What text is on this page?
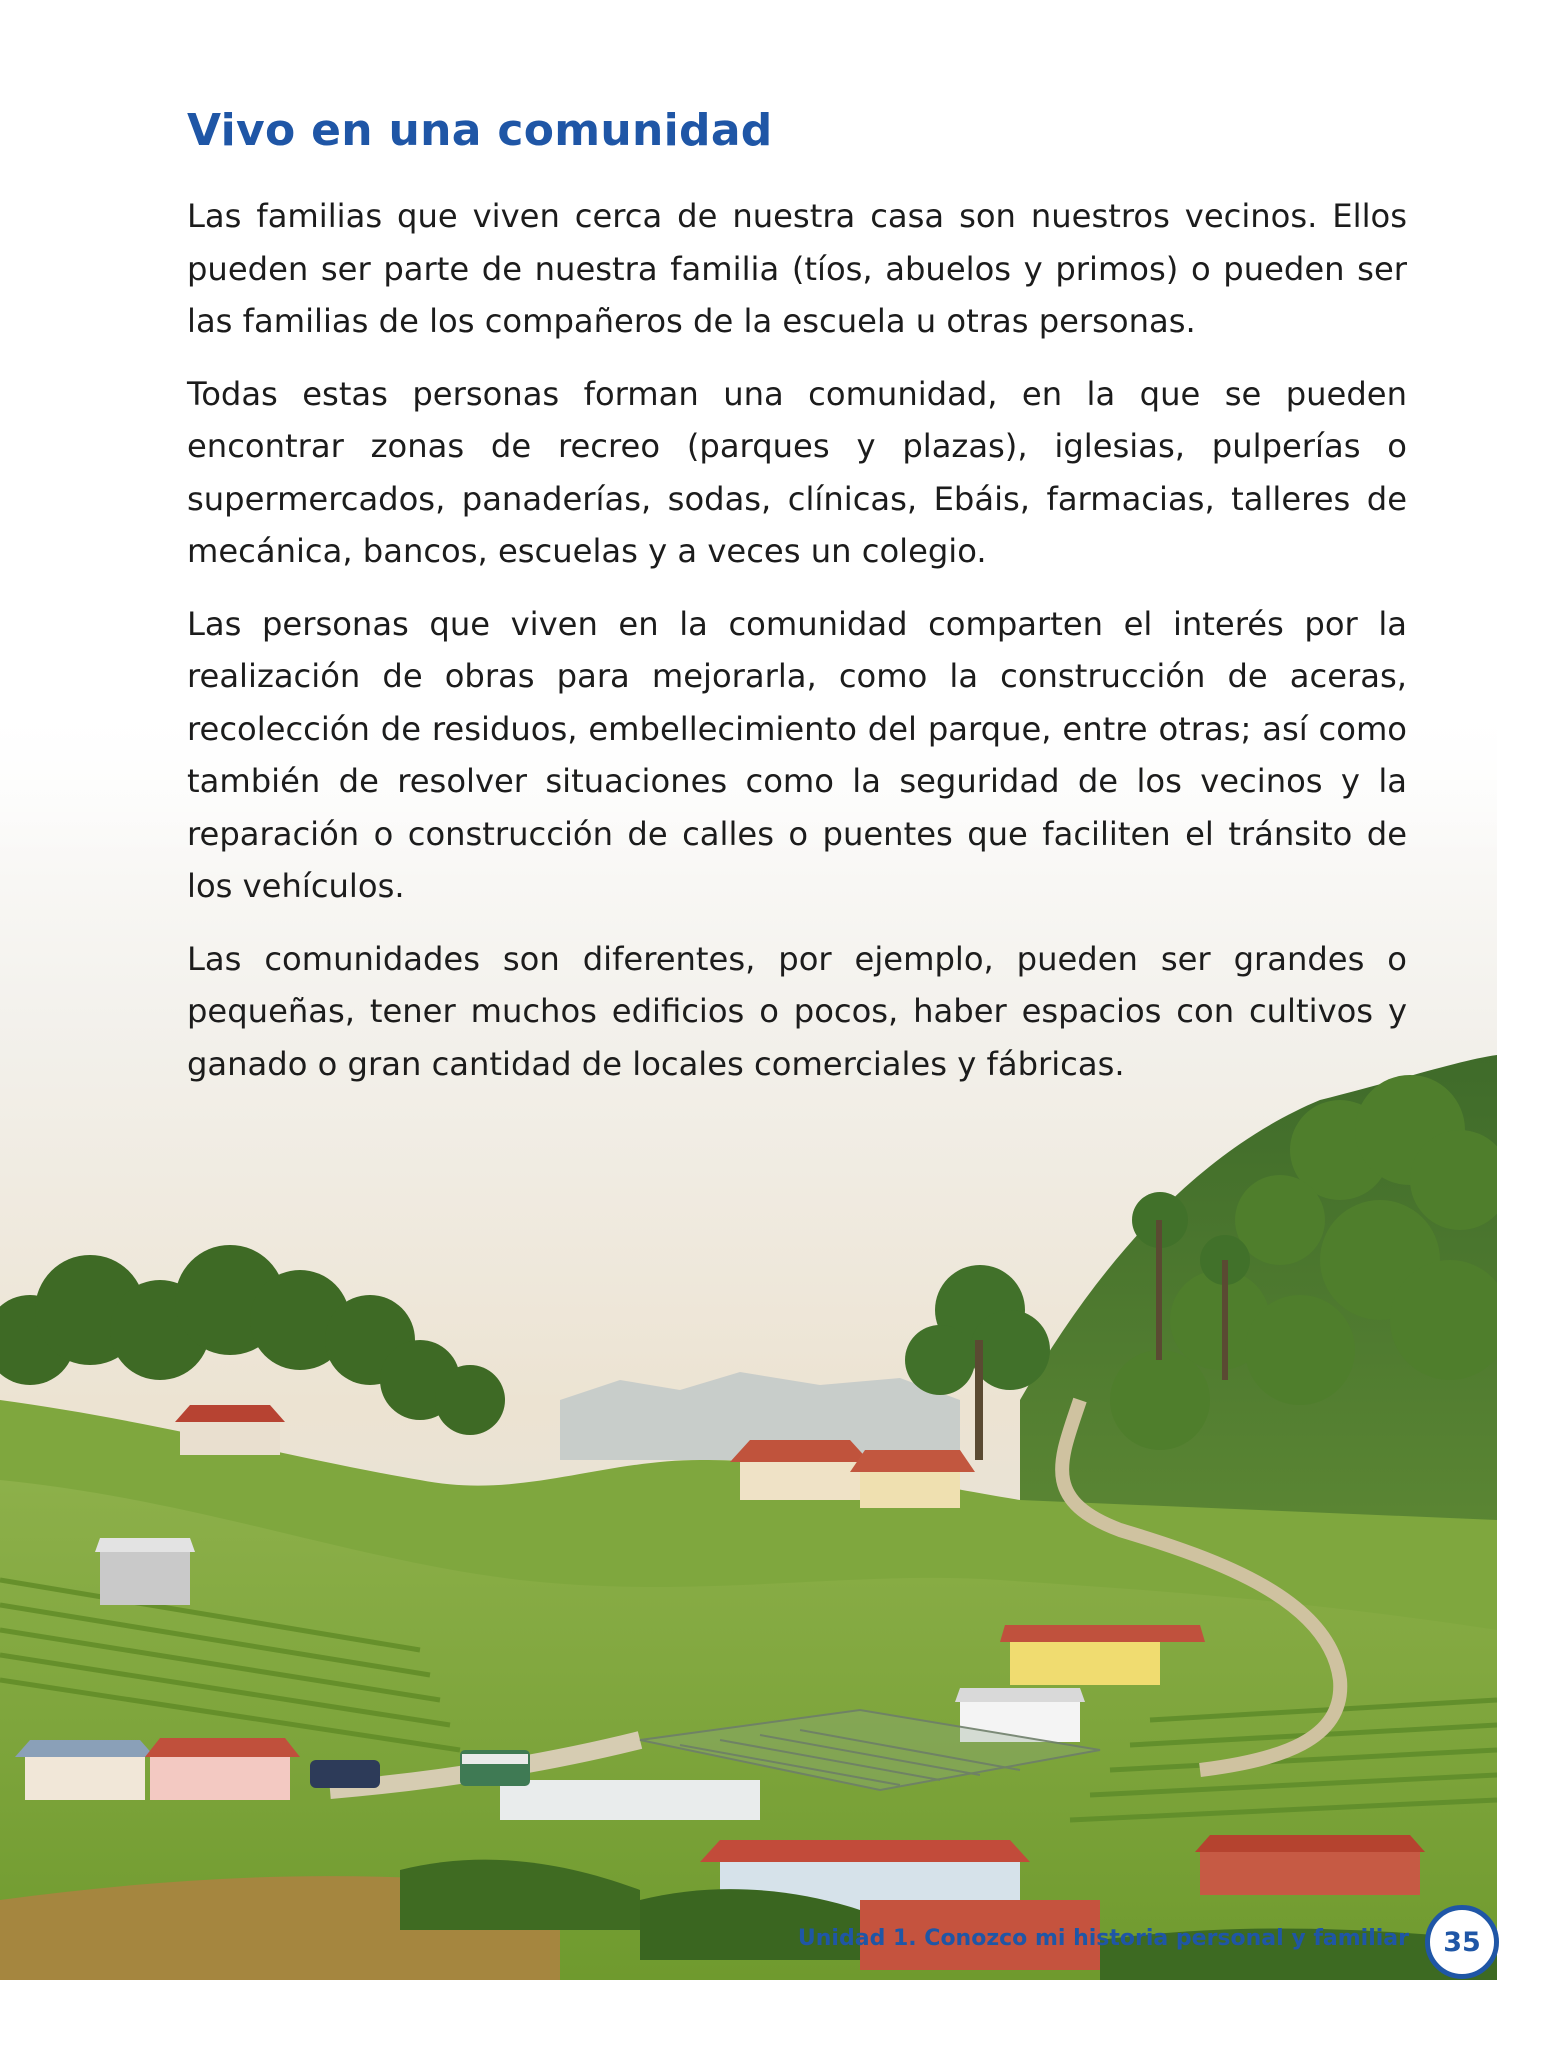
Vivo en una comunidad

Las familias que viven cerca de nuestra casa son nuestros vecinos. Ellos pueden ser parte de nuestra familia (tíos, abuelos y primos) o pueden ser las familias de los compañeros de la escuela u otras personas.

Todas estas personas forman una comunidad, en la que se pueden encontrar zonas de recreo (parques y plazas), iglesias, pulperías o supermercados, panaderías, sodas, clínicas, Ebáis, farmacias, talleres de mecánica, bancos, escuelas y a veces un colegio.

Las personas que viven en la comunidad comparten el interés por la realización de obras para mejorarla, como la construcción de aceras, recolección de residuos, embellecimiento del parque, entre otras; así como también de resolver situaciones como la seguridad de los vecinos y la reparación o construcción de calles o puentes que faciliten el tránsito de los vehículos.

Las comunidades son diferentes, por ejemplo, pueden ser grandes o pequeñas, tener muchos edificios o pocos, haber espacios con cultivos y ganado o gran cantidad de locales comerciales y fábricas.

Unidad 1. Conozco mi historia personal y familiar 35
